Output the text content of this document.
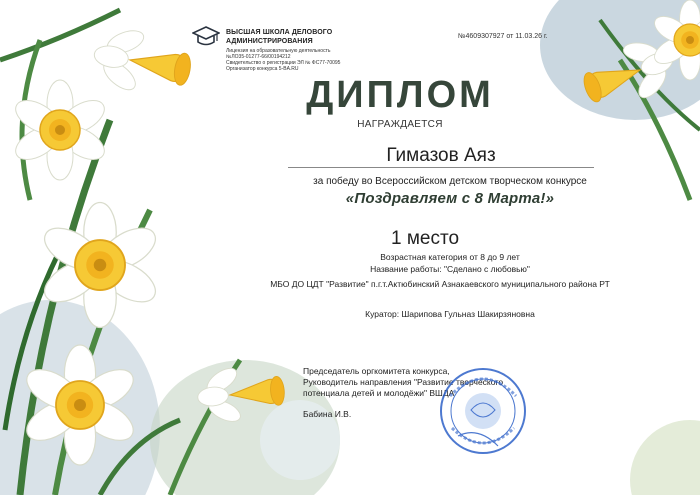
ВЫСШАЯ ШКОЛА ДЕЛОВОГО АДМИНИСТРИРОВАНИЯ
Лицензия на образовательную деятельность
№ЛО35-01277-66/00194212
Свидетельство о регистрации ЭЛ № ФС77-70095
Организатор конкурса 5-BA.RU
№4609307927 от 11.03.26 г.
ДИПЛОМ
НАГРАЖДАЕТСЯ
Гимазов Аяз
за победу во Всероссийском детском творческом конкурсе
«Поздравляем с 8 Марта!»
1 место
Возрастная категория от 8 до 9 лет
Название работы: "Сделано с любовью"
МБО ДО ЦДТ "Развитие" п.г.т.Актюбинский Азнакаевского муниципального района РТ
Куратор: Шарипова Гульназ Шакирзяновна
Председатель оргкомитета конкурса,
Руководитель направления "Развитие творческого
потенциала детей и молодёжи" ВШДА
Бабина И.В.
